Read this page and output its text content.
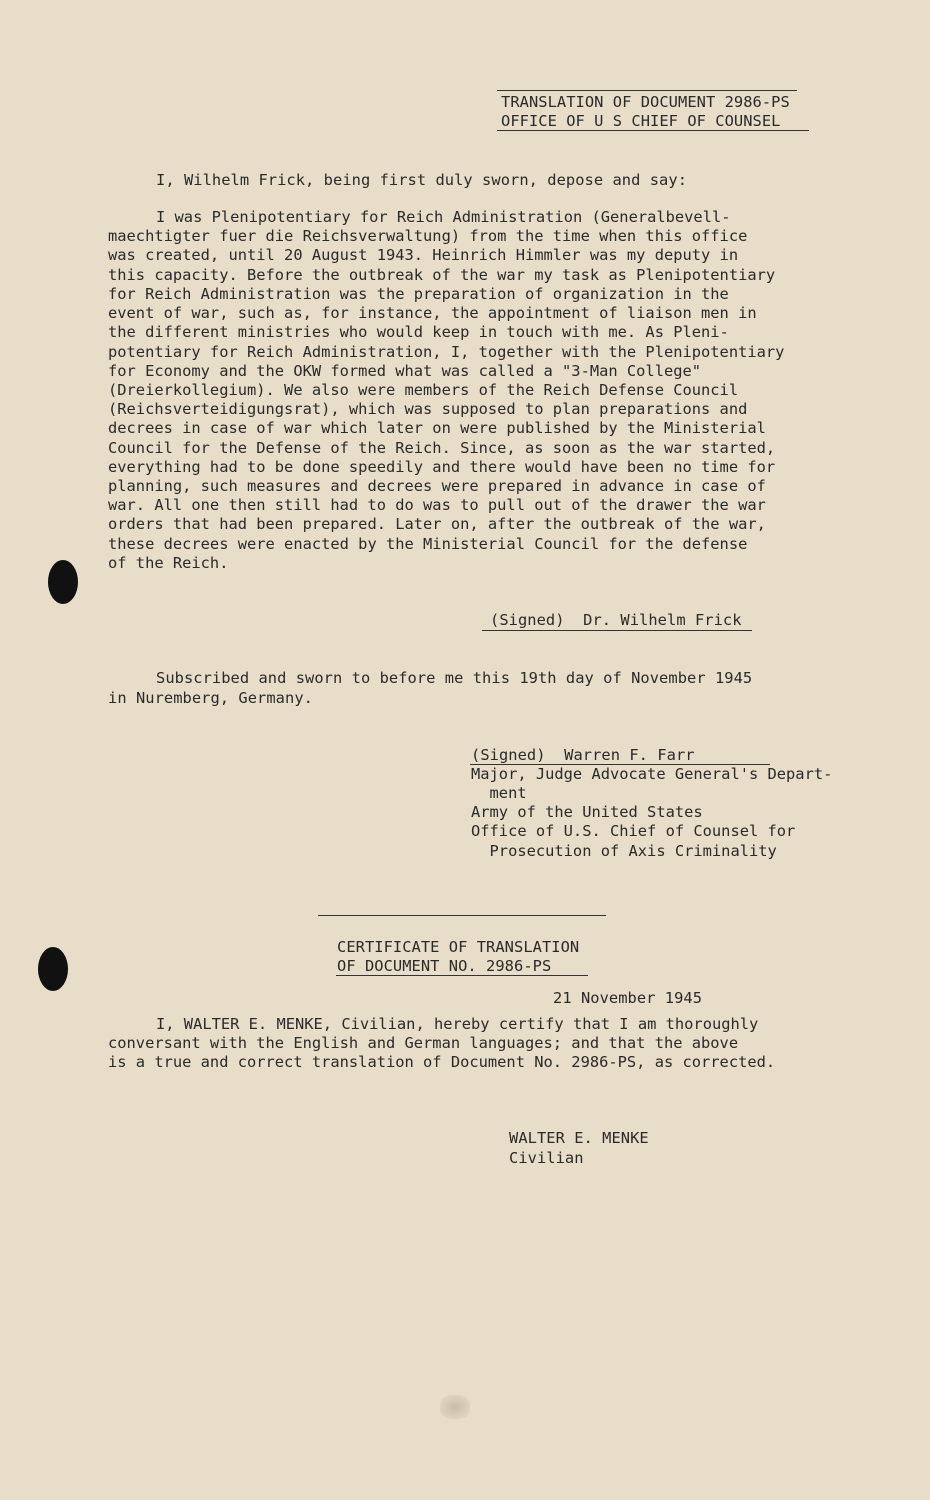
TRANSLATION OF DOCUMENT 2986-PS
OFFICE OF U S CHIEF OF COUNSEL
I, Wilhelm Frick, being first duly sworn, depose and say:
I was Plenipotentiary for Reich Administration (Generalbevell-
maechtigter fuer die Reichsverwaltung) from the time when this office
was created, until 20 August 1943. Heinrich Himmler was my deputy in
this capacity. Before the outbreak of the war my task as Plenipotentiary
for Reich Administration was the preparation of organization in the
event of war, such as, for instance, the appointment of liaison men in
the different ministries who would keep in touch with me. As Pleni-
potentiary for Reich Administration, I, together with the Plenipotentiary
for Economy and the OKW formed what was called a "3-Man College"
(Dreierkollegium). We also were members of the Reich Defense Council
(Reichsverteidigungsrat), which was supposed to plan preparations and
decrees in case of war which later on were published by the Ministerial
Council for the Defense of the Reich. Since, as soon as the war started,
everything had to be done speedily and there would have been no time for
planning, such measures and decrees were prepared in advance in case of
war. All one then still had to do was to pull out of the drawer the war
orders that had been prepared. Later on, after the outbreak of the war,
these decrees were enacted by the Ministerial Council for the defense
of the Reich.
(Signed)  Dr. Wilhelm Frick
Subscribed and sworn to before me this 19th day of November 1945
in Nuremberg, Germany.
(Signed)  Warren F. Farr
Major, Judge Advocate General's Depart-
ment
Army of the United States
Office of U.S. Chief of Counsel for
Prosecution of Axis Criminality
CERTIFICATE OF TRANSLATION
OF DOCUMENT NO. 2986-PS
21 November 1945
I, WALTER E. MENKE, Civilian, hereby certify that I am thoroughly
conversant with the English and German languages; and that the above
is a true and correct translation of Document No. 2986-PS, as corrected.
WALTER E. MENKE
Civilian
